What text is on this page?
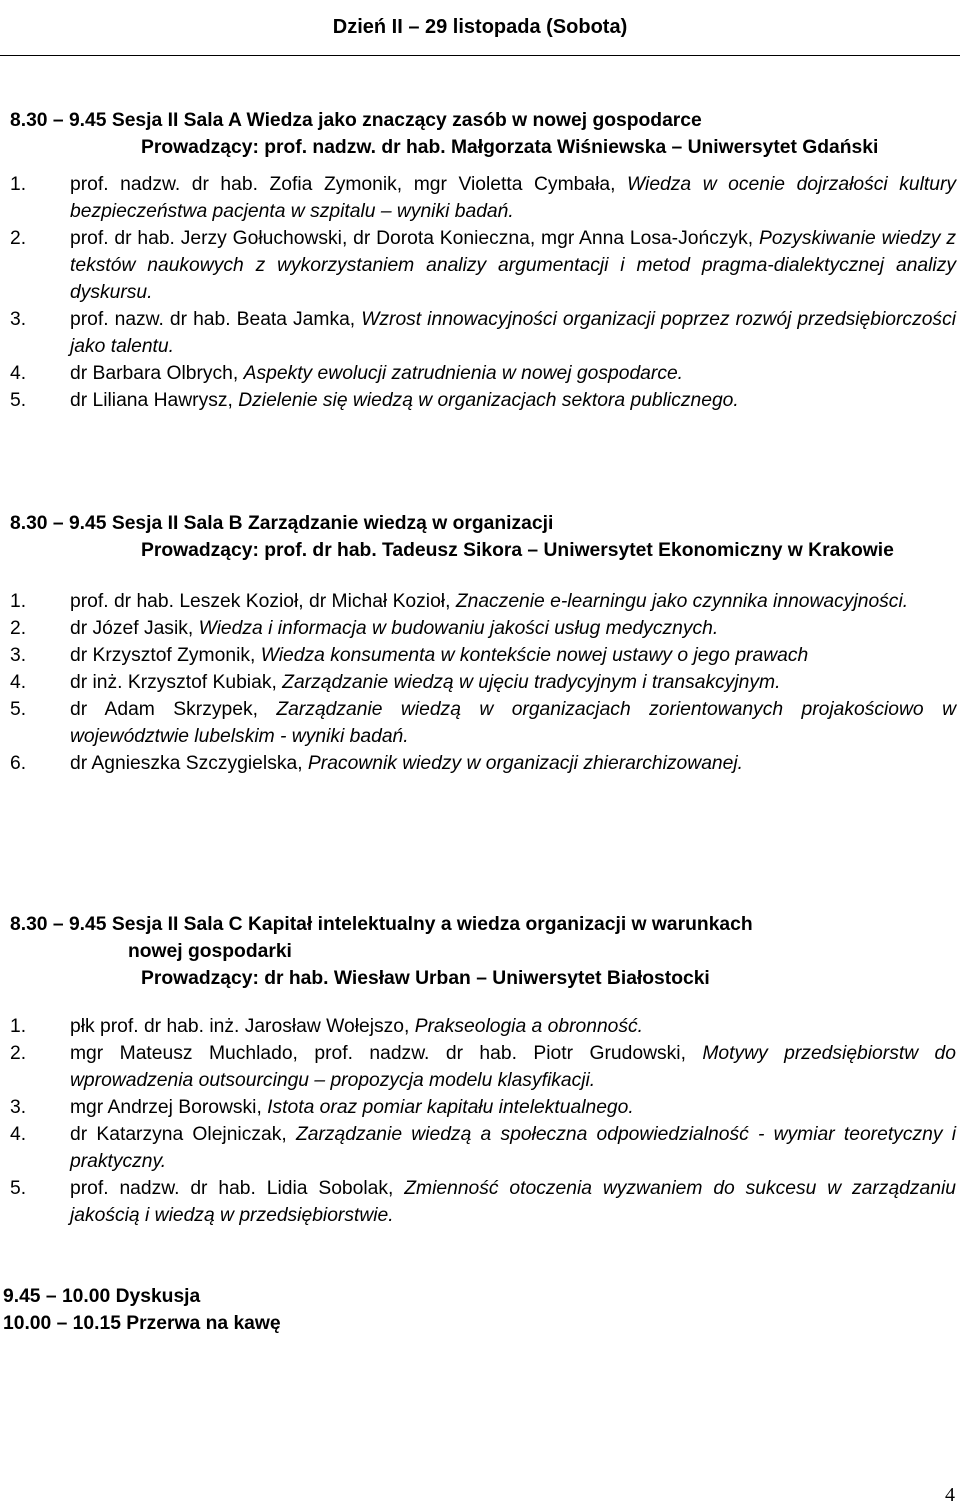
Dzień II – 29 listopada (Sobota)
8.30 – 9.45 Sesja II Sala A Wiedza jako znaczący zasób w nowej gospodarce
Prowadzący: prof. nadzw. dr hab. Małgorzata Wiśniewska – Uniwersytet Gdański
1.	prof. nadzw. dr hab. Zofia Zymonik, mgr Violetta Cymbała, Wiedza w ocenie dojrzałości kultury bezpieczeństwa pacjenta w szpitalu – wyniki badań.
2.	prof. dr hab. Jerzy Gołuchowski, dr Dorota Konieczna, mgr Anna Losa-Jończyk, Pozyskiwanie wiedzy z tekstów naukowych z wykorzystaniem analizy argumentacji i metod pragma-dialektycznej analizy dyskursu.
3.	prof. nazw. dr hab. Beata Jamka, Wzrost innowacyjności organizacji poprzez rozwój przedsiębiorczości jako talentu.
4.	dr Barbara Olbrych, Aspekty ewolucji zatrudnienia w nowej gospodarce.
5.	dr Liliana Hawrysz, Dzielenie się wiedzą w organizacjach sektora publicznego.
8.30 – 9.45 Sesja II Sala B Zarządzanie wiedzą w organizacji
Prowadzący: prof. dr hab. Tadeusz Sikora – Uniwersytet Ekonomiczny w Krakowie
1.	prof. dr hab. Leszek Kozioł, dr Michał Kozioł, Znaczenie e-learningu jako czynnika innowacyjności.
2.	dr Józef Jasik, Wiedza i informacja w budowaniu jakości usług medycznych.
3.	dr Krzysztof Zymonik, Wiedza konsumenta w kontekście nowej ustawy o jego prawach
4.	dr inż. Krzysztof Kubiak, Zarządzanie wiedzą w ujęciu tradycyjnym i transakcyjnym.
5.	dr Adam Skrzypek, Zarządzanie wiedzą w organizacjach zorientowanych projakościowo w województwie lubelskim - wyniki badań.
6.	dr Agnieszka Szczygielska, Pracownik wiedzy w organizacji zhierarchizowanej.
8.30 – 9.45 Sesja II Sala C Kapitał intelektualny a wiedza organizacji w warunkach
nowej gospodarki
Prowadzący: dr hab. Wiesław Urban – Uniwersytet Białostocki
1.	płk prof. dr hab. inż. Jarosław Wołejszo, Prakseologia a obronność.
2.	mgr Mateusz Muchlado, prof. nadzw. dr hab. Piotr Grudowski, Motywy przedsiębiorstw do wprowadzenia outsourcingu – propozycja modelu klasyfikacji.
3.	mgr Andrzej Borowski, Istota oraz pomiar kapitału intelektualnego.
4.	dr Katarzyna Olejniczak, Zarządzanie wiedzą a społeczna odpowiedzialność - wymiar teoretyczny i praktyczny.
5.	prof. nadzw. dr hab. Lidia Sobolak, Zmienność otoczenia wyzwaniem do sukcesu w zarządzaniu jakością i wiedzą w przedsiębiorstwie.
9.45 – 10.00 Dyskusja
10.00 – 10.15 Przerwa na kawę
4
